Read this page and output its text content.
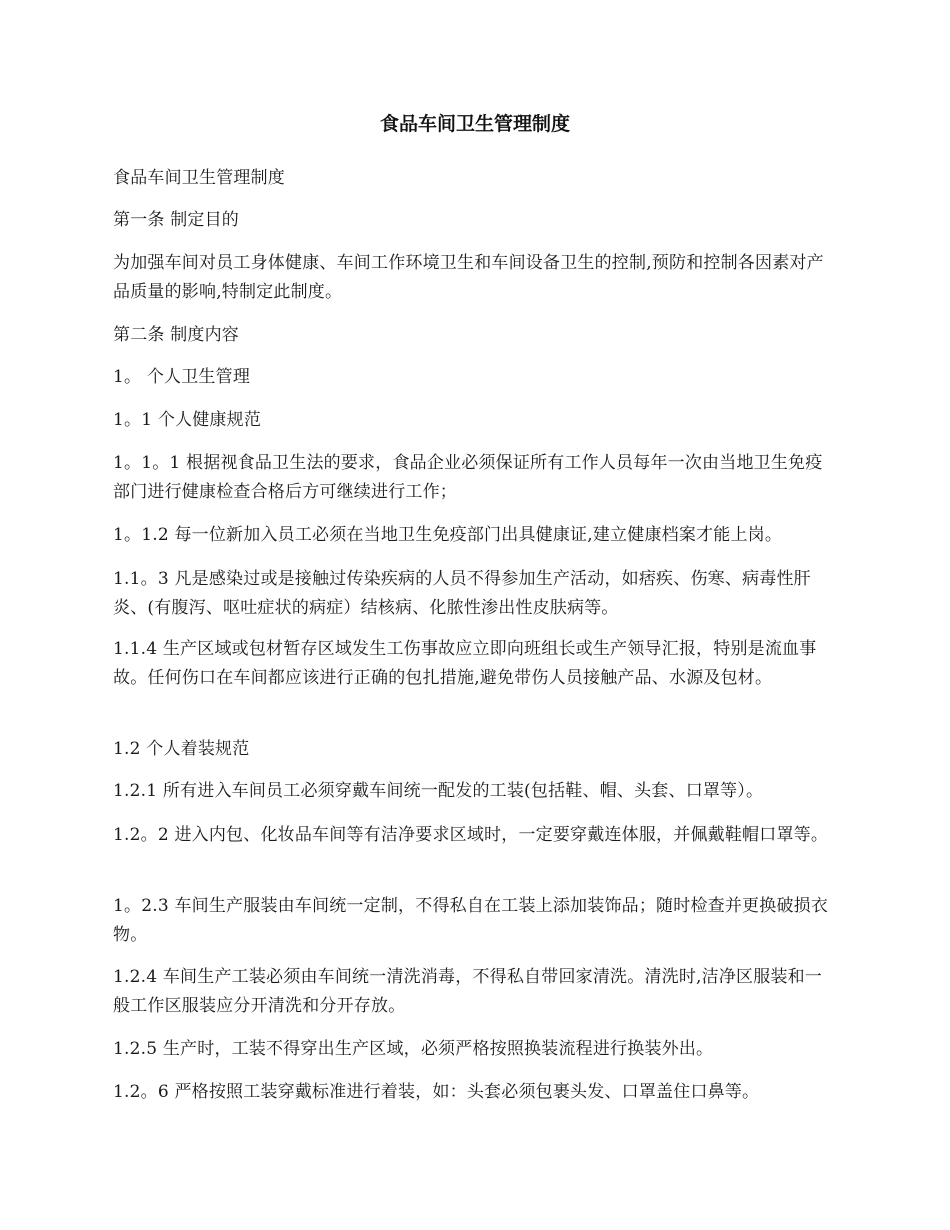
食品车间卫生管理制度

食品车间卫生管理制度

第一条 制定目的

为加强车间对员工身体健康、车间工作环境卫生和车间设备卫生的控制,预防和控制各因素对产品质量的影响,特制定此制度。

第二条 制度内容

1。 个人卫生管理

1。1 个人健康规范

1。1。1 根据视食品卫生法的要求，食品企业必须保证所有工作人员每年一次由当地卫生免疫部门进行健康检查合格后方可继续进行工作；

1。1.2 每一位新加入员工必须在当地卫生免疫部门出具健康证,建立健康档案才能上岗。

1.1。3 凡是感染过或是接触过传染疾病的人员不得参加生产活动，如痞疾、伤寒、病毒性肝炎、(有腹泻、呕吐症状的病症）结核病、化脓性渗出性皮肤病等。

1.1.4 生产区域或包材暂存区域发生工伤事故应立即向班组长或生产领导汇报，特别是流血事故。任何伤口在车间都应该进行正确的包扎措施,避免带伤人员接触产品、水源及包材。

1.2 个人着装规范

1.2.1 所有进入车间员工必须穿戴车间统一配发的工装(包括鞋、帽、头套、口罩等）。

1.2。2 进入内包、化妆品车间等有洁净要求区域时，一定要穿戴连体服，并佩戴鞋帽口罩等。

1。2.3 车间生产服装由车间统一定制，不得私自在工装上添加装饰品；随时检查并更换破损衣物。

1.2.4 车间生产工装必须由车间统一清洗消毒，不得私自带回家清洗。清洗时,洁净区服装和一般工作区服装应分开清洗和分开存放。

1.2.5 生产时，工装不得穿出生产区域，必须严格按照换装流程进行换装外出。

1.2。6 严格按照工装穿戴标准进行着装，如：头套必须包裹头发、口罩盖住口鼻等。
